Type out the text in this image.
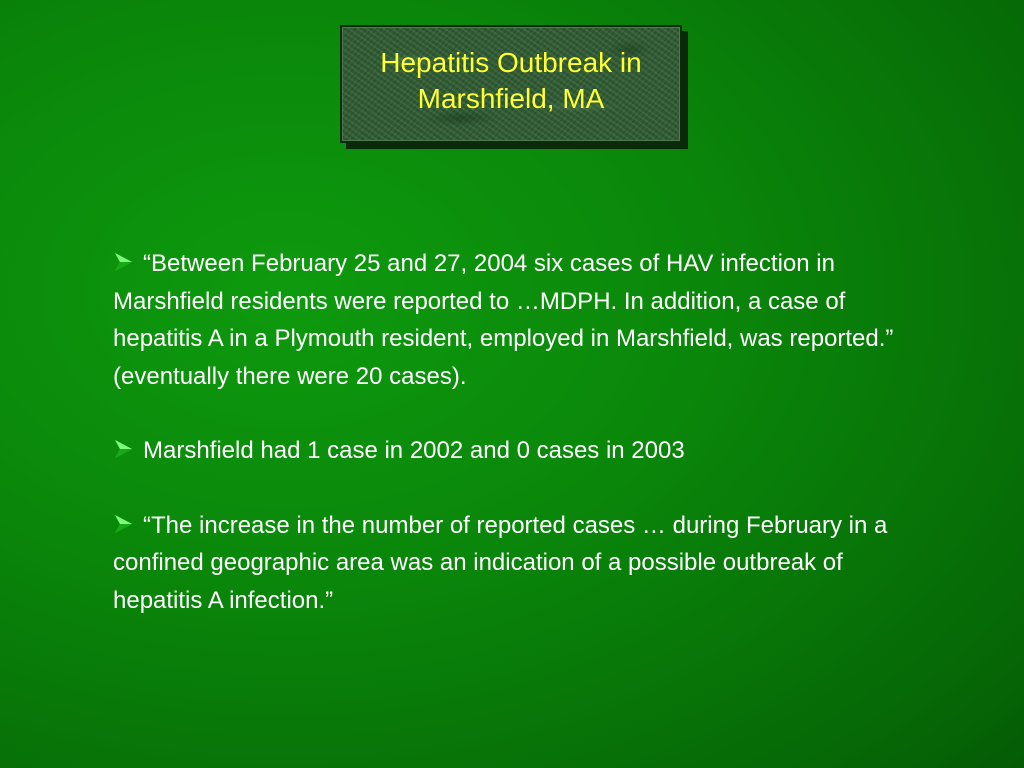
Hepatitis Outbreak in Marshfield, MA
“Between February 25 and 27, 2004 six cases of HAV infection in Marshfield residents were reported to …MDPH. In addition, a case of hepatitis A in a Plymouth resident, employed in Marshfield, was reported.” (eventually there were 20 cases).
Marshfield had 1 case in 2002 and 0 cases in 2003
“The increase in the number of reported cases … during February in a confined geographic area was an indication of a possible outbreak of hepatitis A infection.”
